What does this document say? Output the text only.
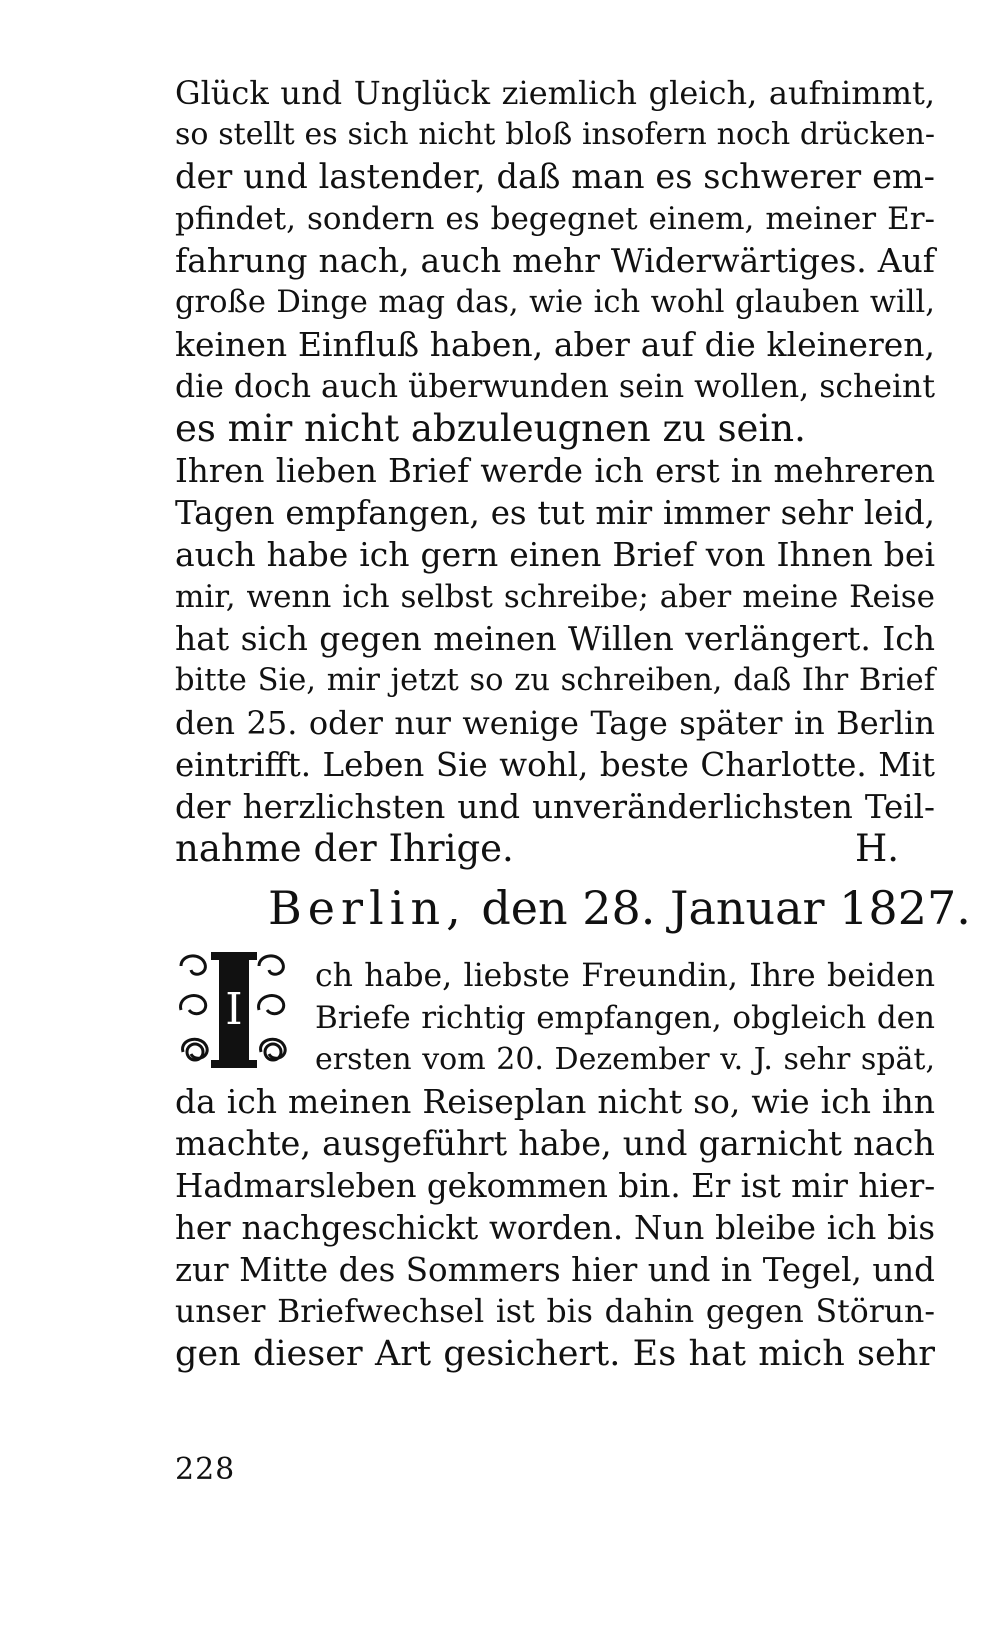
Glück und Unglück ziemlich gleich, aufnimmt,
so stellt es sich nicht bloß insofern noch drücken-
der und lastender, daß man es schwerer em-
pfindet, sondern es begegnet einem, meiner Er-
fahrung nach, auch mehr Widerwärtiges. Auf
große Dinge mag das, wie ich wohl glauben will,
keinen Einfluß haben, aber auf die kleineren,
die doch auch überwunden sein wollen, scheint
es mir nicht abzuleugnen zu sein.
Ihren lieben Brief werde ich erst in mehreren
Tagen empfangen, es tut mir immer sehr leid,
auch habe ich gern einen Brief von Ihnen bei
mir, wenn ich selbst schreibe; aber meine Reise
hat sich gegen meinen Willen verlängert. Ich
bitte Sie, mir jetzt so zu schreiben, daß Ihr Brief
den 25. oder nur wenige Tage später in Berlin
eintrifft. Leben Sie wohl, beste Charlotte. Mit
der herzlichsten und unveränderlichsten Teil-
nahme der Ihrige.	H.
Berlin, den 28. Januar 1827.
I
ch habe, liebste Freundin, Ihre beiden
Briefe richtig empfangen, obgleich den
ersten vom 20. Dezember v. J. sehr spät,
da ich meinen Reiseplan nicht so, wie ich ihn
machte, ausgeführt habe, und garnicht nach
Hadmarsleben gekommen bin. Er ist mir hier-
her nachgeschickt worden. Nun bleibe ich bis
zur Mitte des Sommers hier und in Tegel, und
unser Briefwechsel ist bis dahin gegen Störun-
gen dieser Art gesichert. Es hat mich sehr
228
